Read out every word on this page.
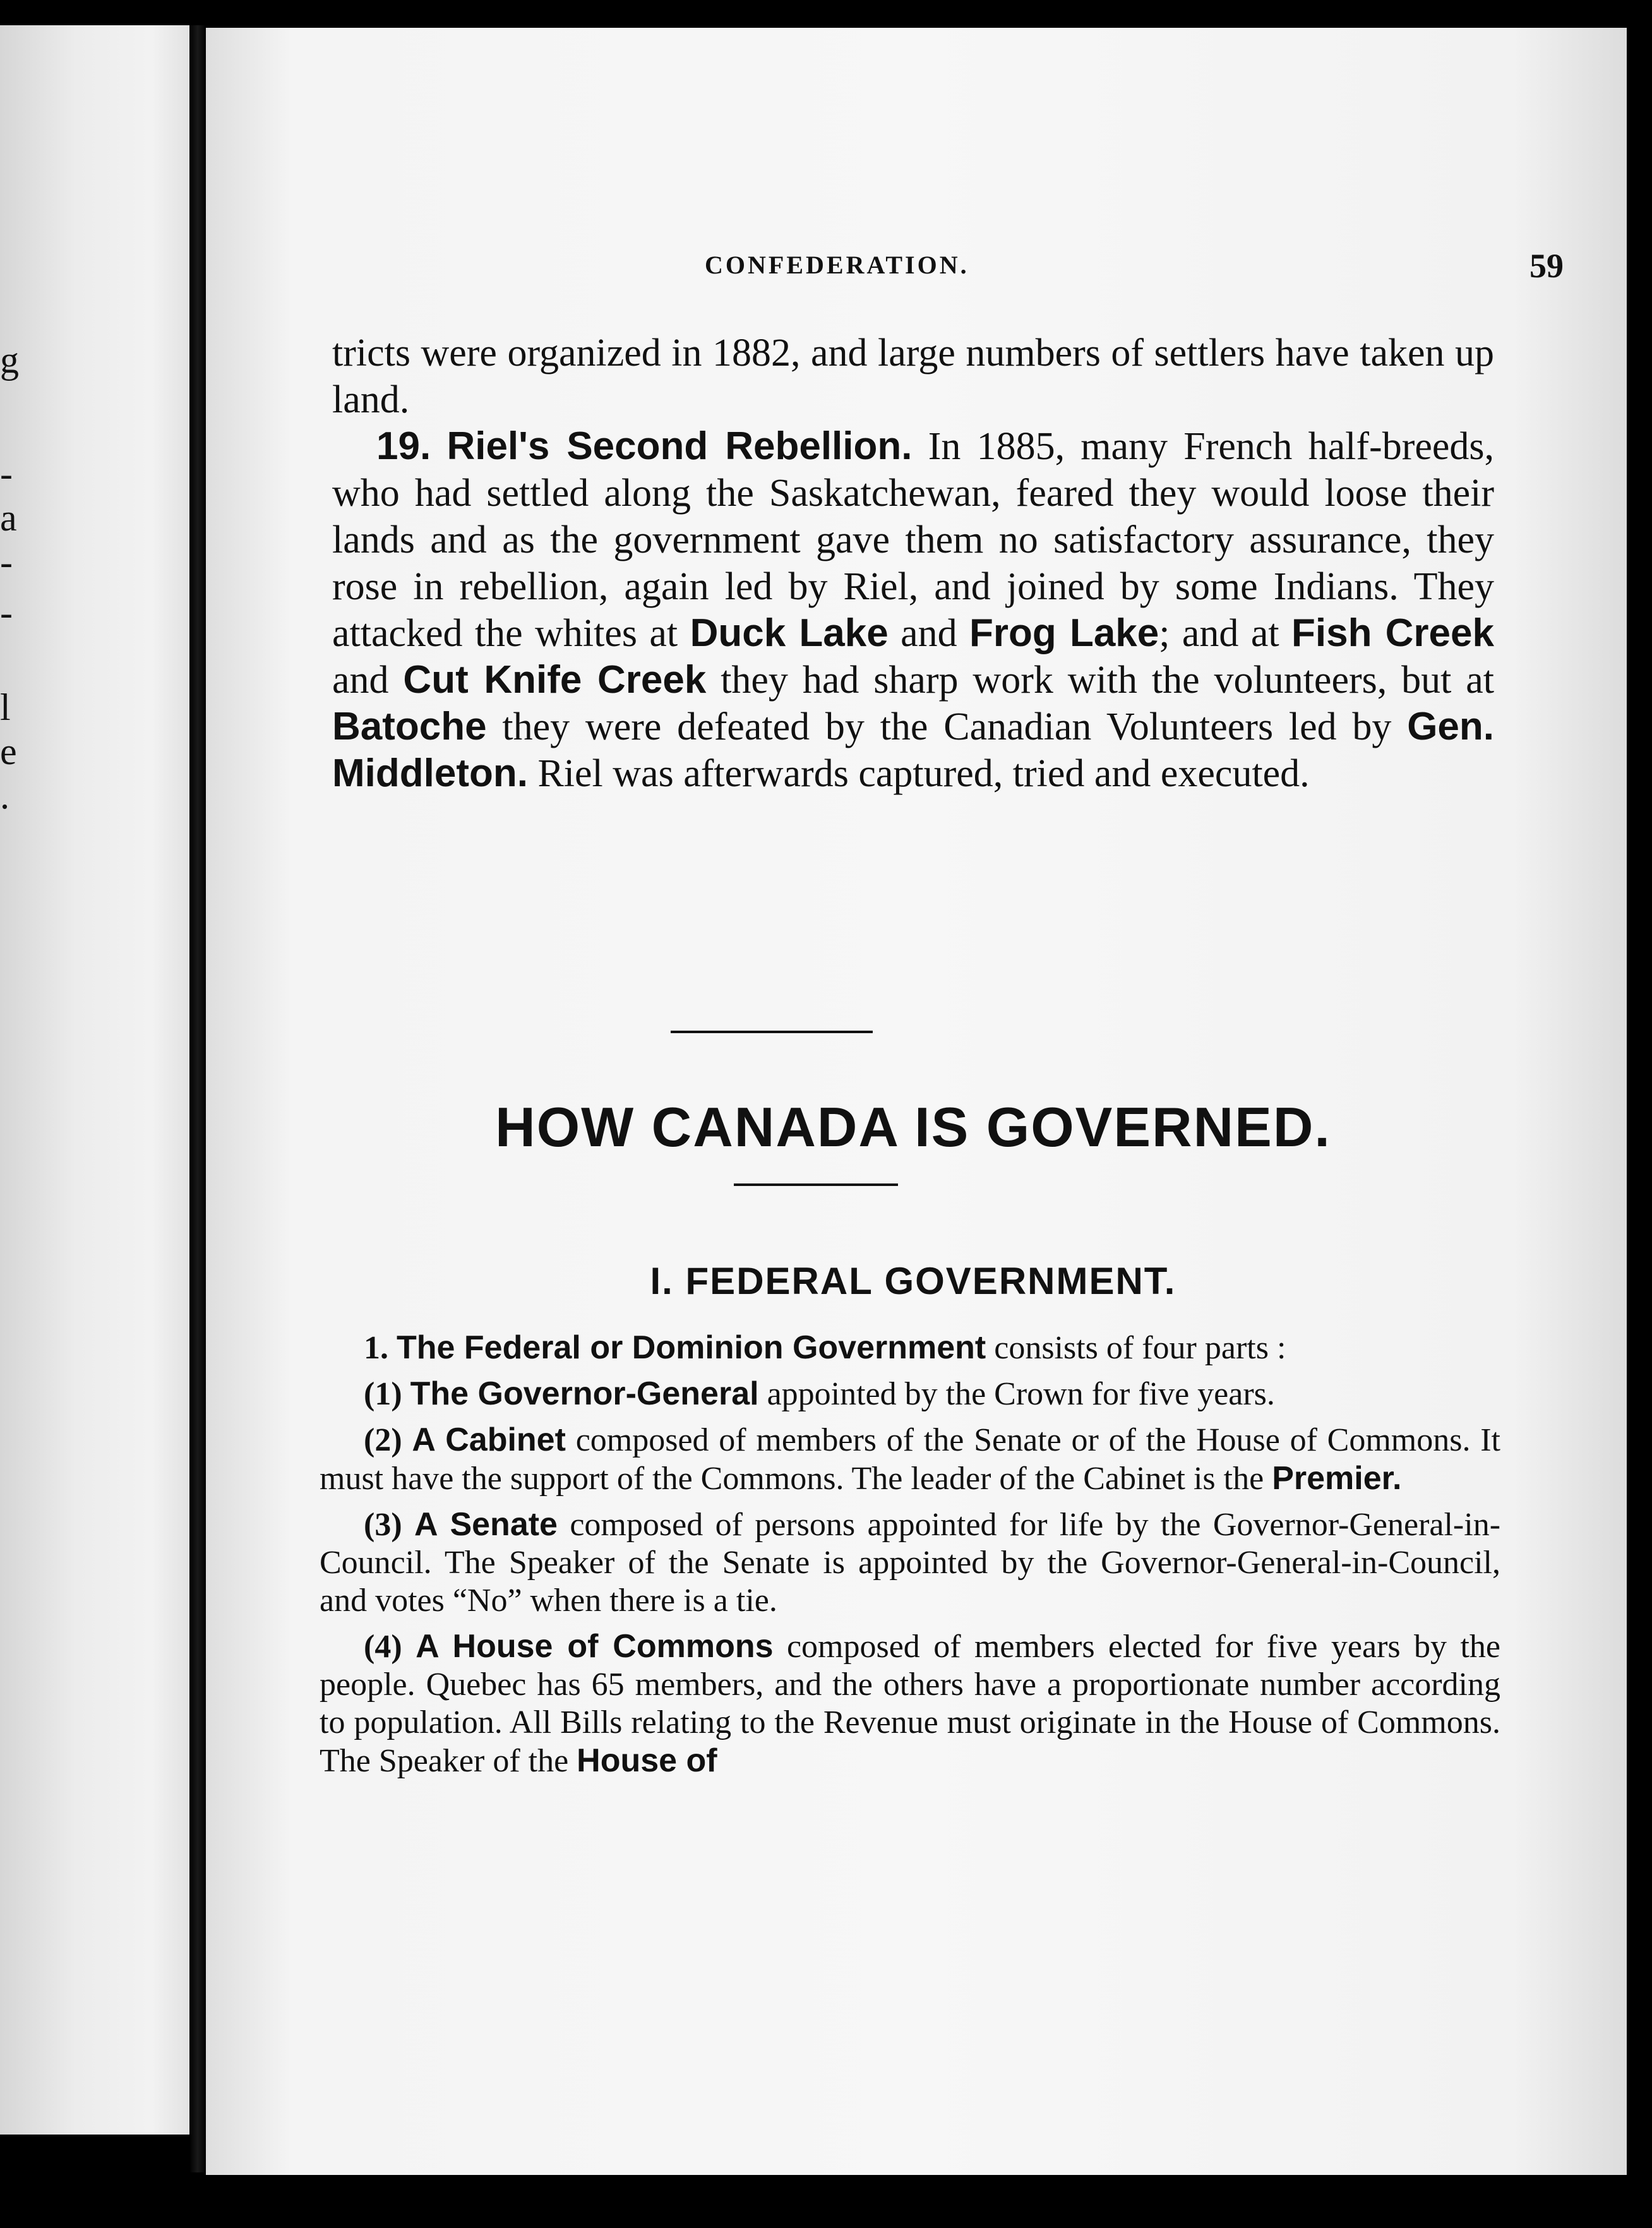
g
-
a
-
-
l
e
.
CONFEDERATION.	59

tricts were organized in 1882, and large numbers of settlers have taken up land.

19. Riel's Second Rebellion. In 1885, many French half-breeds, who had settled along the Saskatchewan, feared they would loose their lands and as the government gave them no satisfactory assurance, they rose in rebellion, again led by Riel, and joined by some Indians. They attacked the whites at Duck Lake and Frog Lake; and at Fish Creek and Cut Knife Creek they had sharp work with the volunteers, but at Batoche they were defeated by the Canadian Volunteers led by Gen. Middleton. Riel was afterwards captured, tried and executed.

HOW CANADA IS GOVERNED.
I. FEDERAL GOVERNMENT.

1. The Federal or Dominion Government consists of four parts :

(1) The Governor-General appointed by the Crown for five years.

(2) A Cabinet composed of members of the Senate or of the House of Commons. It must have the support of the Commons. The leader of the Cabinet is the Premier.

(3) A Senate composed of persons appointed for life by the Governor-General-in-Council. The Speaker of the Senate is appointed by the Governor-General-in-Council, and votes “No” when there is a tie.

(4) A House of Commons composed of members elected for five years by the people. Quebec has 65 members, and the others have a proportionate number according to population. All Bills relating to the Revenue must originate in the House of Commons. The Speaker of the House of
